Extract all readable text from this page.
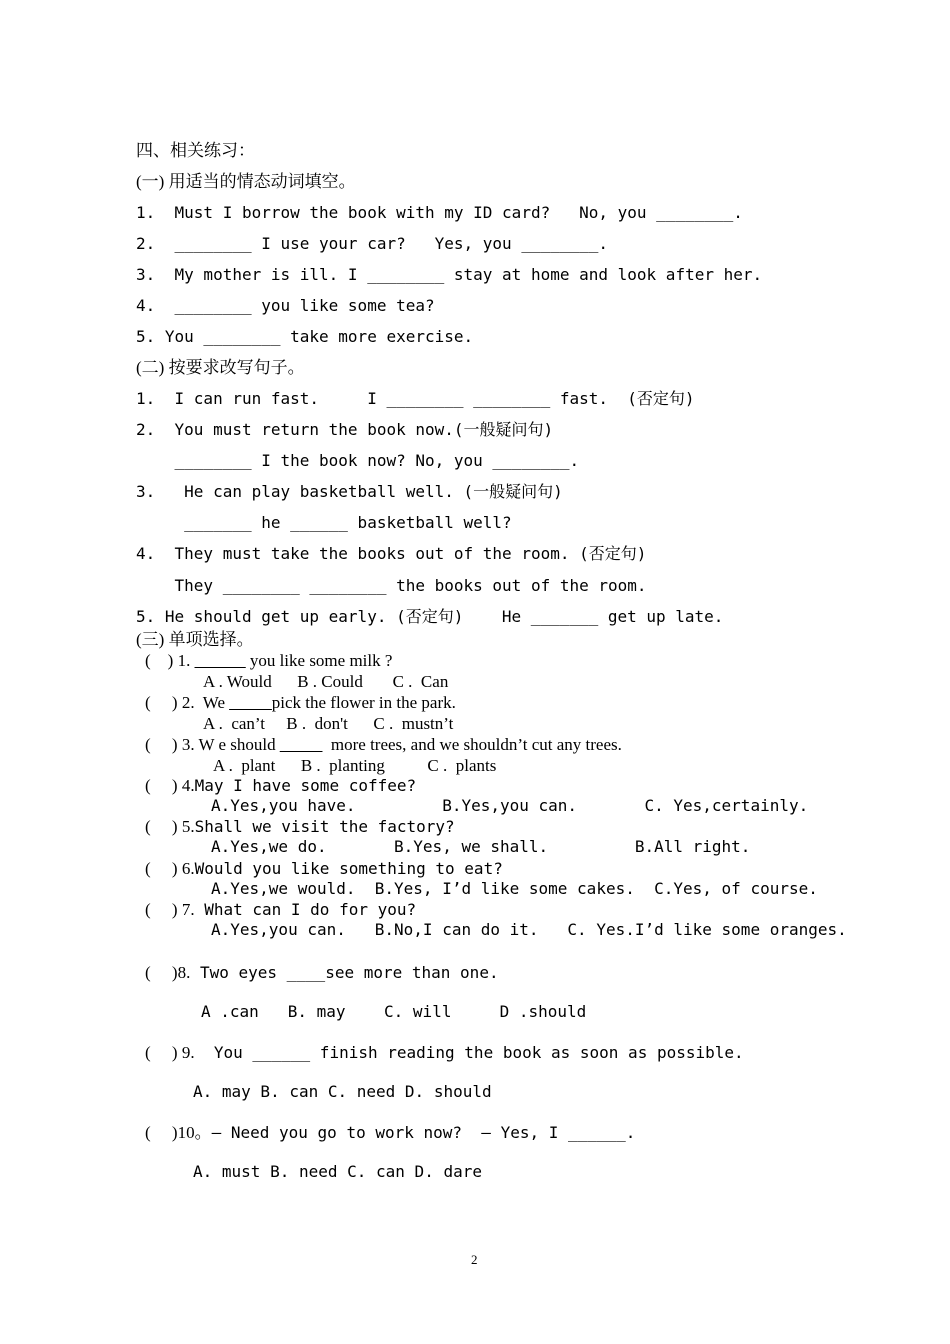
四、相关练习：
(一) 用适当的情态动词填空。
1.  Must I borrow the book with my ID card?   No, you ________.
2.  ________ I use your car?   Yes, you ________.
3.  My mother is ill. I ________ stay at home and look after her.
4.  ________ you like some tea?
5. You ________ take more exercise.
(二) 按要求改写句子。
1.  I can run fast.     I ________ ________ fast.  (否定句)
2.  You must return the book now.(一般疑问句)
________ I the book now? No, you ________.
3.   He can play basketball well. (一般疑问句)
_______ he ______ basketball well?
4.  They must take the books out of the room. (否定句)
They ________ ________ the books out of the room.
5. He should get up early. (否定句)    He _______ get up late.
(三) 单项选择。
(    ) 1. ______ you like some milk ?
A . Would      B . Could       C .  Can
(     ) 2.  We _____pick the flower in the park.
A .  can’t     B .  don't      C .  mustn’t
(     ) 3. W e should _____  more trees, and we shouldn’t cut any trees.
A .  plant      B .  planting          C .  plants
(     ) 4.May I have some coffee?
A.Yes,you have.         B.Yes,you can.       C. Yes,certainly.
(     ) 5.Shall we visit the factory?
A.Yes,we do.       B.Yes, we shall.         B.All right.
(     ) 6.Would you like something to eat?
A.Yes,we would.  B.Yes, I’d like some cakes.  C.Yes, of course.
(     ) 7. What can I do for you?
A.Yes,you can.   B.No,I can do it.   C. Yes.I’d like some oranges.
(     )8. Two eyes ____see more than one.
A .can   B. may    C. will     D .should
(     ) 9.  You ______ finish reading the book as soon as possible.
A. may B. can C. need D. should
(     )10。— Need you go to work now?  — Yes, I ______.
A. must B. need C. can D. dare
2
